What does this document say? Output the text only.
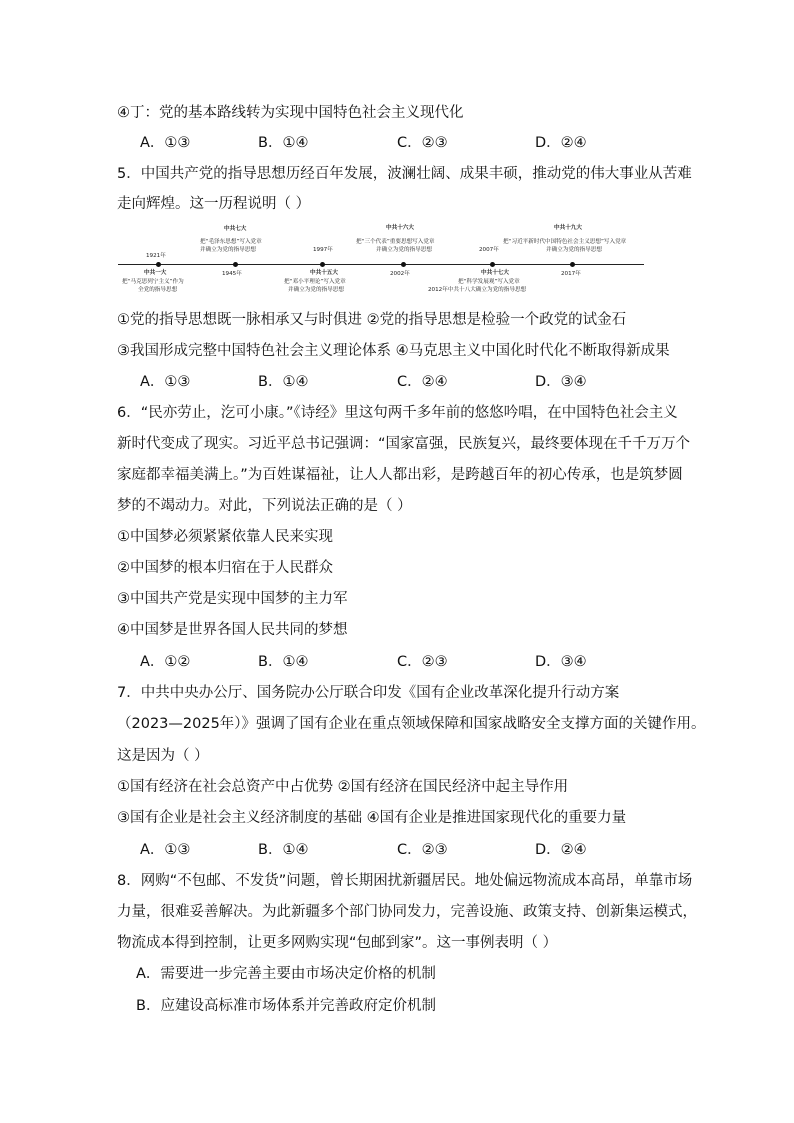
④丁：党的基本路线转为实现中国特色社会主义现代化
A．①③	B．①④	C．②③	D．②④
5．中国共产党的指导思想历经百年发展，波澜壮阔、成果丰硕，推动党的伟大事业从苦难
走向辉煌。这一历程说明（ ）
1921年
中共一大
把“马克思列宁主义”作为
全党的指导思想
中共七大
把“毛泽东思想”写入党章
并确立为党的指导思想
1945年
1997年
中共十五大
把“邓小平理论”写入党章
并确立为党的指导思想
中共十六大
把“三个代表”重要思想写入党章
并确立为党的指导思想
2002年
2007年
中共十七大
把“科学发展观”写入党章
2012年中共十八大确立为党的指导思想
中共十九大
把“习近平新时代中国特色社会主义思想”写入党章
并确立为党的指导思想
2017年
①党的指导思想既一脉相承又与时俱进 ②党的指导思想是检验一个政党的试金石
③我国形成完整中国特色社会主义理论体系 ④马克思主义中国化时代化不断取得新成果
A．①③	B．①④	C．②④	D．③④
6．“民亦劳止，汔可小康。”《诗经》里这句两千多年前的悠悠吟唱，在中国特色社会主义
新时代变成了现实。习近平总书记强调：“国家富强，民族复兴，最终要体现在千千万万个
家庭都幸福美满上。”为百姓谋福祉，让人人都出彩，是跨越百年的初心传承，也是筑梦圆
梦的不竭动力。对此，下列说法正确的是（ ）
①中国梦必须紧紧依靠人民来实现
②中国梦的根本归宿在于人民群众
③中国共产党是实现中国梦的主力军
④中国梦是世界各国人民共同的梦想
A．①②	B．①④	C．②③	D．③④
7．中共中央办公厅、国务院办公厅联合印发《国有企业改革深化提升行动方案
（2023—2025年）》强调了国有企业在重点领域保障和国家战略安全支撑方面的关键作用。
这是因为（ ）
①国有经济在社会总资产中占优势 ②国有经济在国民经济中起主导作用
③国有企业是社会主义经济制度的基础 ④国有企业是推进国家现代化的重要力量
A．①③	B．①④	C．②③	D．②④
8．网购“不包邮、不发货”问题，曾长期困扰新疆居民。地处偏远物流成本高昂，单靠市场
力量，很难妥善解决。为此新疆多个部门协同发力，完善设施、政策支持、创新集运模式，
物流成本得到控制，让更多网购实现“包邮到家”。这一事例表明（ ）
A．需要进一步完善主要由市场决定价格的机制
B．应建设高标准市场体系并完善政府定价机制
